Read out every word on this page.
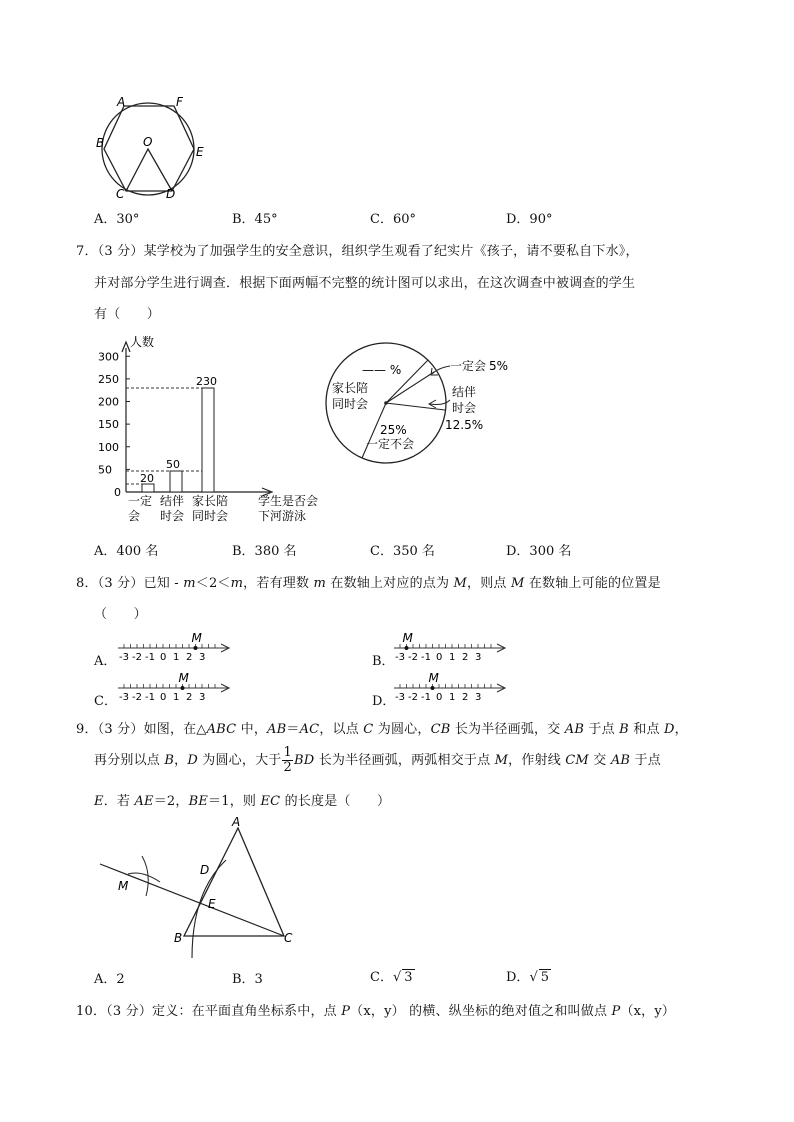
A	F
B	O
E
C	D
A．30°	B．45°	C．60°	D．90°
7．（3 分）某学校为了加强学生的安全意识，组织学生观看了纪实片《孩子，请不要私自下水》，
并对部分学生进行调查．根据下面两幅不完整的统计图可以求出，在这次调查中被调查的学生
有（　　）
人数
300
250
200
150
100
50
0
20
50
230
一定
会
结伴
时会
家长陪
同时会
学生是否会
下河游泳
—— %
家长陪
同时会
一定会 5%
结伴
时会
12.5%
25%
一定不会
A．400 名	B．380 名	C．350 名	D．300 名
8．（3 分）已知 - m＜2＜m，若有理数 m 在数轴上对应的点为 M，则点 M 在数轴上可能的位置是
（　　）
A． -3 -2 -1 0 1 2 3
M
B． -3 -2 -1 0 1 2 3
M
C． -3 -2 -1 0 1 2 3
M
D． -3 -2 -1 0 1 2 3
M
9．（3 分）如图，在△ABC 中，AB＝AC，以点 C 为圆心，CB 长为半径画弧，交 AB 于点 B 和点 D，
再分别以点 B，D 为圆心，大于 $\frac{1}{2}$ BD 长为半径画弧，两弧相交于点 M，作射线 CM 交 AB 于点
E．若 AE＝2，BE＝1，则 EC 的长度是（　　）
A
D
M
E
B	C
A．2	B．3	C．√ 3	D．√ 5
10．（3 分）定义：在平面直角坐标系中，点 P（x，y） 的横、纵坐标的绝对值之和叫做点 P（x，y）
